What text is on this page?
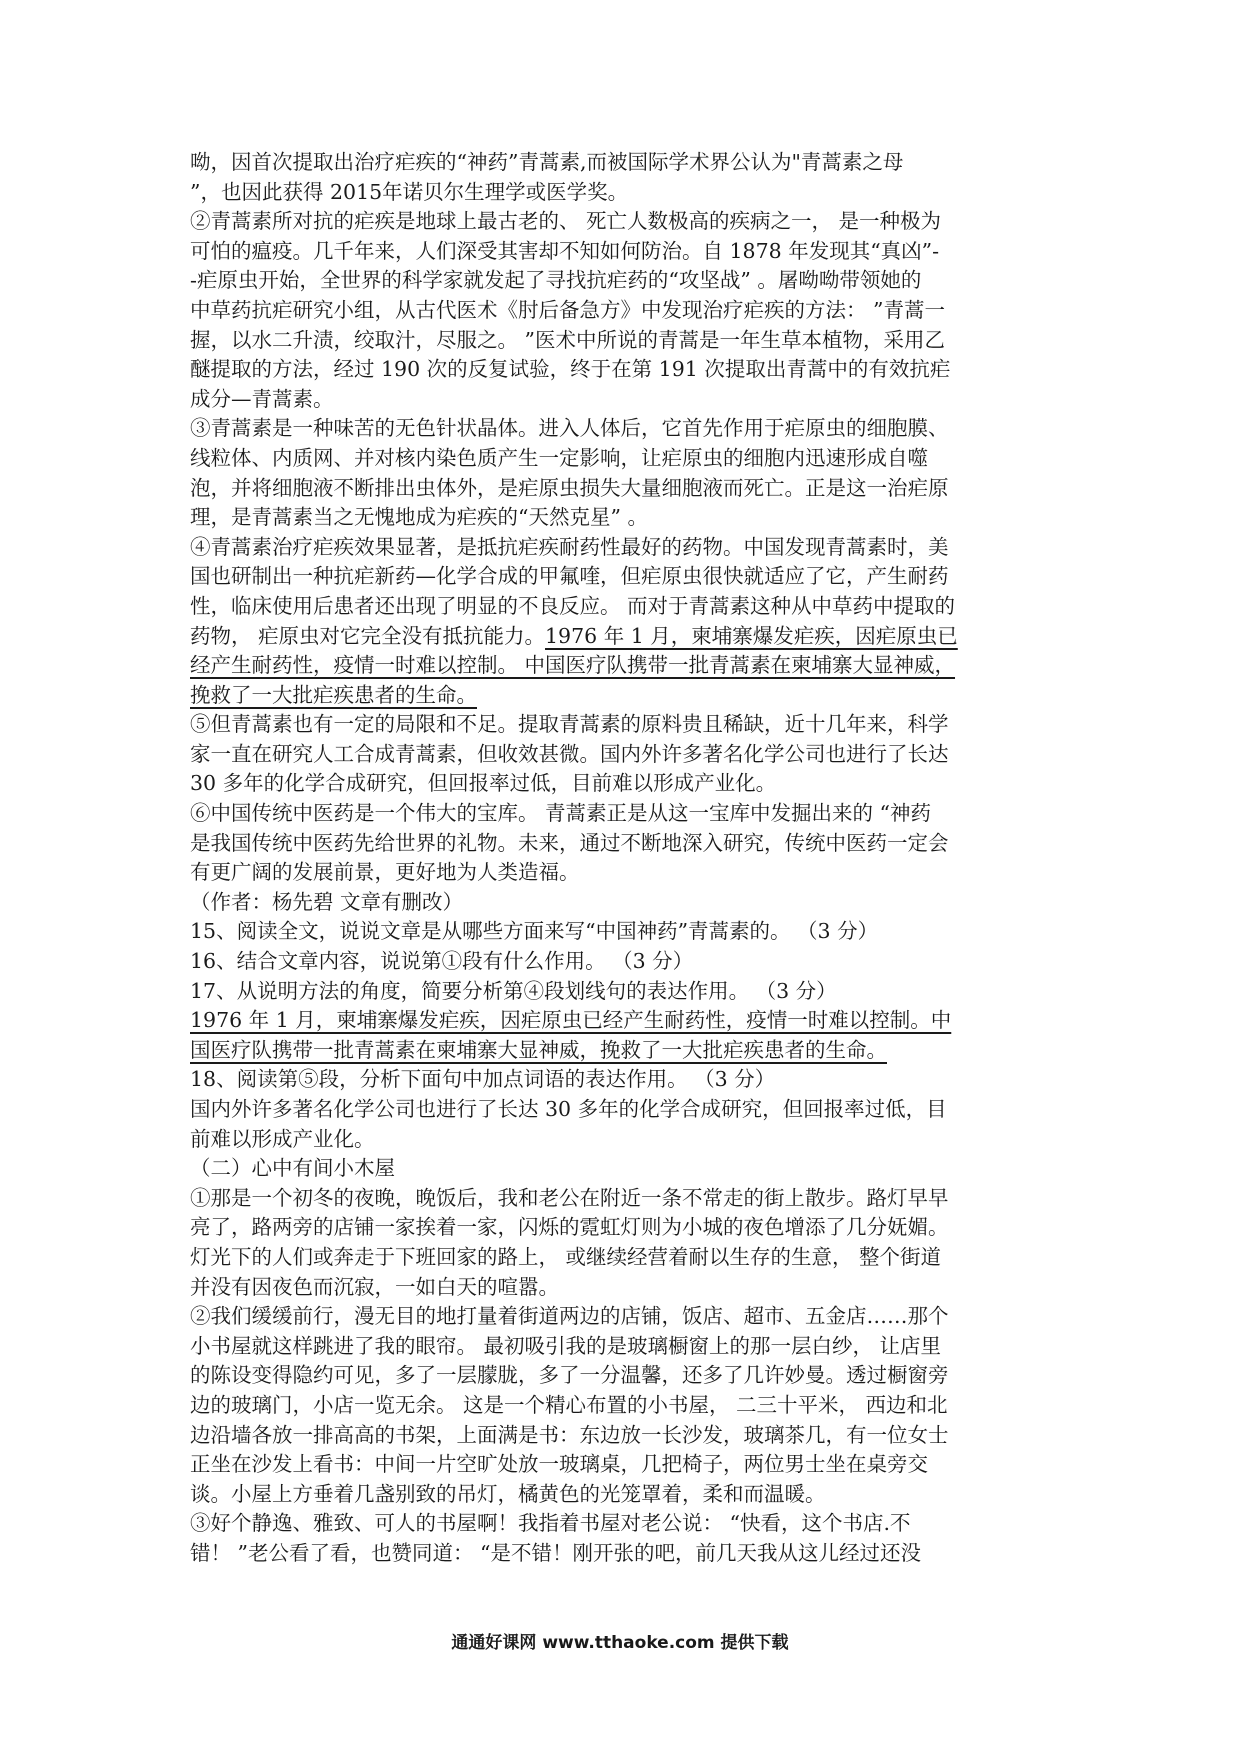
呦，因首次提取出治疗疟疾的“神药”青蒿素,而被国际学术界公认为"青蒿素之母
”，也因此获得 2015年诺贝尔生理学或医学奖。
②青蒿素所对抗的疟疾是地球上最古老的、 死亡人数极高的疾病之一， 是一种极为
可怕的瘟疫。几千年来，人们深受其害却不知如何防治。自 1878 年发现其“真凶”-
-疟原虫开始，全世界的科学家就发起了寻找抗疟药的“攻坚战” 。屠呦呦带领她的
中草药抗疟研究小组，从古代医术《肘后备急方》中发现治疗疟疾的方法： ”青蒿一
握，以水二升渍，绞取汁，尽服之。 ”医术中所说的青蒿是一年生草本植物，采用乙
醚提取的方法，经过 190 次的反复试验，终于在第 191 次提取出青蒿中的有效抗疟
成分—青蒿素。
③青蒿素是一种味苦的无色针状晶体。进入人体后，它首先作用于疟原虫的细胞膜、
线粒体、内质网、并对核内染色质产生一定影响，让疟原虫的细胞内迅速形成自噬
泡，并将细胞液不断排出虫体外，是疟原虫损失大量细胞液而死亡。正是这一治疟原
理，是青蒿素当之无愧地成为疟疾的“天然克星” 。
④青蒿素治疗疟疾效果显著，是抵抗疟疾耐药性最好的药物。中国发现青蒿素时，美
国也研制出一种抗疟新药—化学合成的甲氟喹，但疟原虫很快就适应了它，产生耐药
性，临床使用后患者还出现了明显的不良反应。 而对于青蒿素这种从中草药中提取的
药物， 疟原虫对它完全没有抵抗能力。1976 年 1 月，柬埔寨爆发疟疾，因疟原虫已
经产生耐药性，疫情一时难以控制。 中国医疗队携带一批青蒿素在柬埔寨大显神威，
挽救了一大批疟疾患者的生命。
⑤但青蒿素也有一定的局限和不足。提取青蒿素的原料贵且稀缺，近十几年来，科学
家一直在研究人工合成青蒿素，但收效甚微。国内外许多著名化学公司也进行了长达
30 多年的化学合成研究，但回报率过低，目前难以形成产业化。
⑥中国传统中医药是一个伟大的宝库。 青蒿素正是从这一宝库中发掘出来的 “神药
是我国传统中医药先给世界的礼物。未来，通过不断地深入研究，传统中医药一定会
有更广阔的发展前景，更好地为人类造福。
（作者：杨先碧 文章有删改）
15、阅读全文，说说文章是从哪些方面来写“中国神药”青蒿素的。 （3 分）
16、结合文章内容，说说第①段有什么作用。 （3 分）
17、从说明方法的角度，简要分析第④段划线句的表达作用。 （3 分）
1976 年 1 月，柬埔寨爆发疟疾，因疟原虫已经产生耐药性，疫情一时难以控制。中
国医疗队携带一批青蒿素在柬埔寨大显神威，挽救了一大批疟疾患者的生命。
18、阅读第⑤段，分析下面句中加点词语的表达作用。 （3 分）
国内外许多著名化学公司也进行了长达 30 多年的化学合成研究，但回报率过低，目
前难以形成产业化。
（二）心中有间小木屋
①那是一个初冬的夜晚，晚饭后，我和老公在附近一条不常走的街上散步。路灯早早
亮了，路两旁的店铺一家挨着一家，闪烁的霓虹灯则为小城的夜色增添了几分妩媚。
灯光下的人们或奔走于下班回家的路上， 或继续经营着耐以生存的生意， 整个街道
并没有因夜色而沉寂，一如白天的喧嚣。
②我们缓缓前行，漫无目的地打量着街道两边的店铺，饭店、超市、五金店……那个
小书屋就这样跳进了我的眼帘。 最初吸引我的是玻璃橱窗上的那一层白纱， 让店里
的陈设变得隐约可见，多了一层朦胧，多了一分温馨，还多了几许妙曼。透过橱窗旁
边的玻璃门，小店一览无余。 这是一个精心布置的小书屋， 二三十平米， 西边和北
边沿墙各放一排高高的书架，上面满是书：东边放一长沙发，玻璃茶几，有一位女士
正坐在沙发上看书：中间一片空旷处放一玻璃桌，几把椅子，两位男士坐在桌旁交
谈。小屋上方垂着几盏别致的吊灯，橘黄色的光笼罩着，柔和而温暖。
③好个静逸、雅致、可人的书屋啊！我指着书屋对老公说： “快看，这个书店.不
错！ ”老公看了看，也赞同道： “是不错！刚开张的吧，前几天我从这儿经过还没
通通好课网 www.tthaoke.com 提供下载
